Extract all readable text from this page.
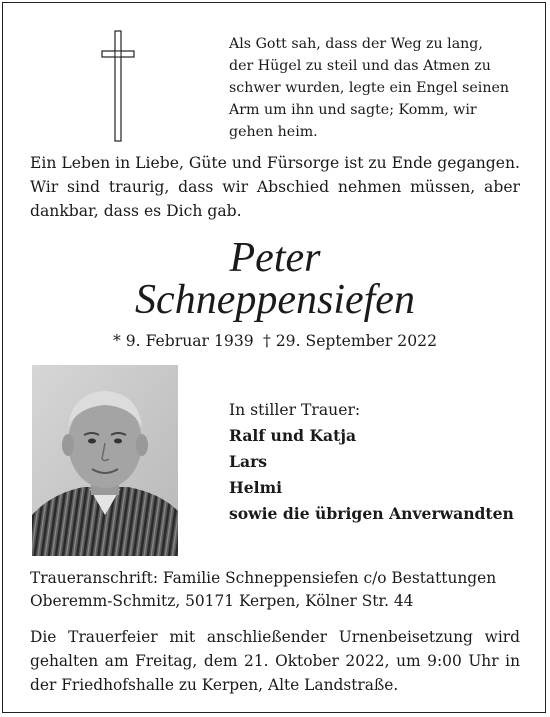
Als Gott sah, dass der Weg zu lang,
der Hügel zu steil und das Atmen zu
schwer wurden, legte ein Engel seinen
Arm um ihn und sagte; Komm, wir
gehen heim.
Ein Leben in Liebe, Güte und Fürsorge ist zu Ende gegangen.
Wir sind traurig, dass wir Abschied nehmen müssen, aber
dankbar, dass es Dich gab.
Peter
Schneppensiefen
* 9. Februar 1939 † 29. September 2022
In stiller Trauer:
Ralf und Katja
Lars
Helmi
sowie die übrigen Anverwandten
Traueranschrift: Familie Schneppensiefen c/o Bestattungen
Oberemm-Schmitz, 50171 Kerpen, Kölner Str. 44
Die Trauerfeier mit anschließender Urnenbeisetzung wird
gehalten am Freitag, dem 21. Oktober 2022, um 9:00 Uhr in
der Friedhofshalle zu Kerpen, Alte Landstraße.
